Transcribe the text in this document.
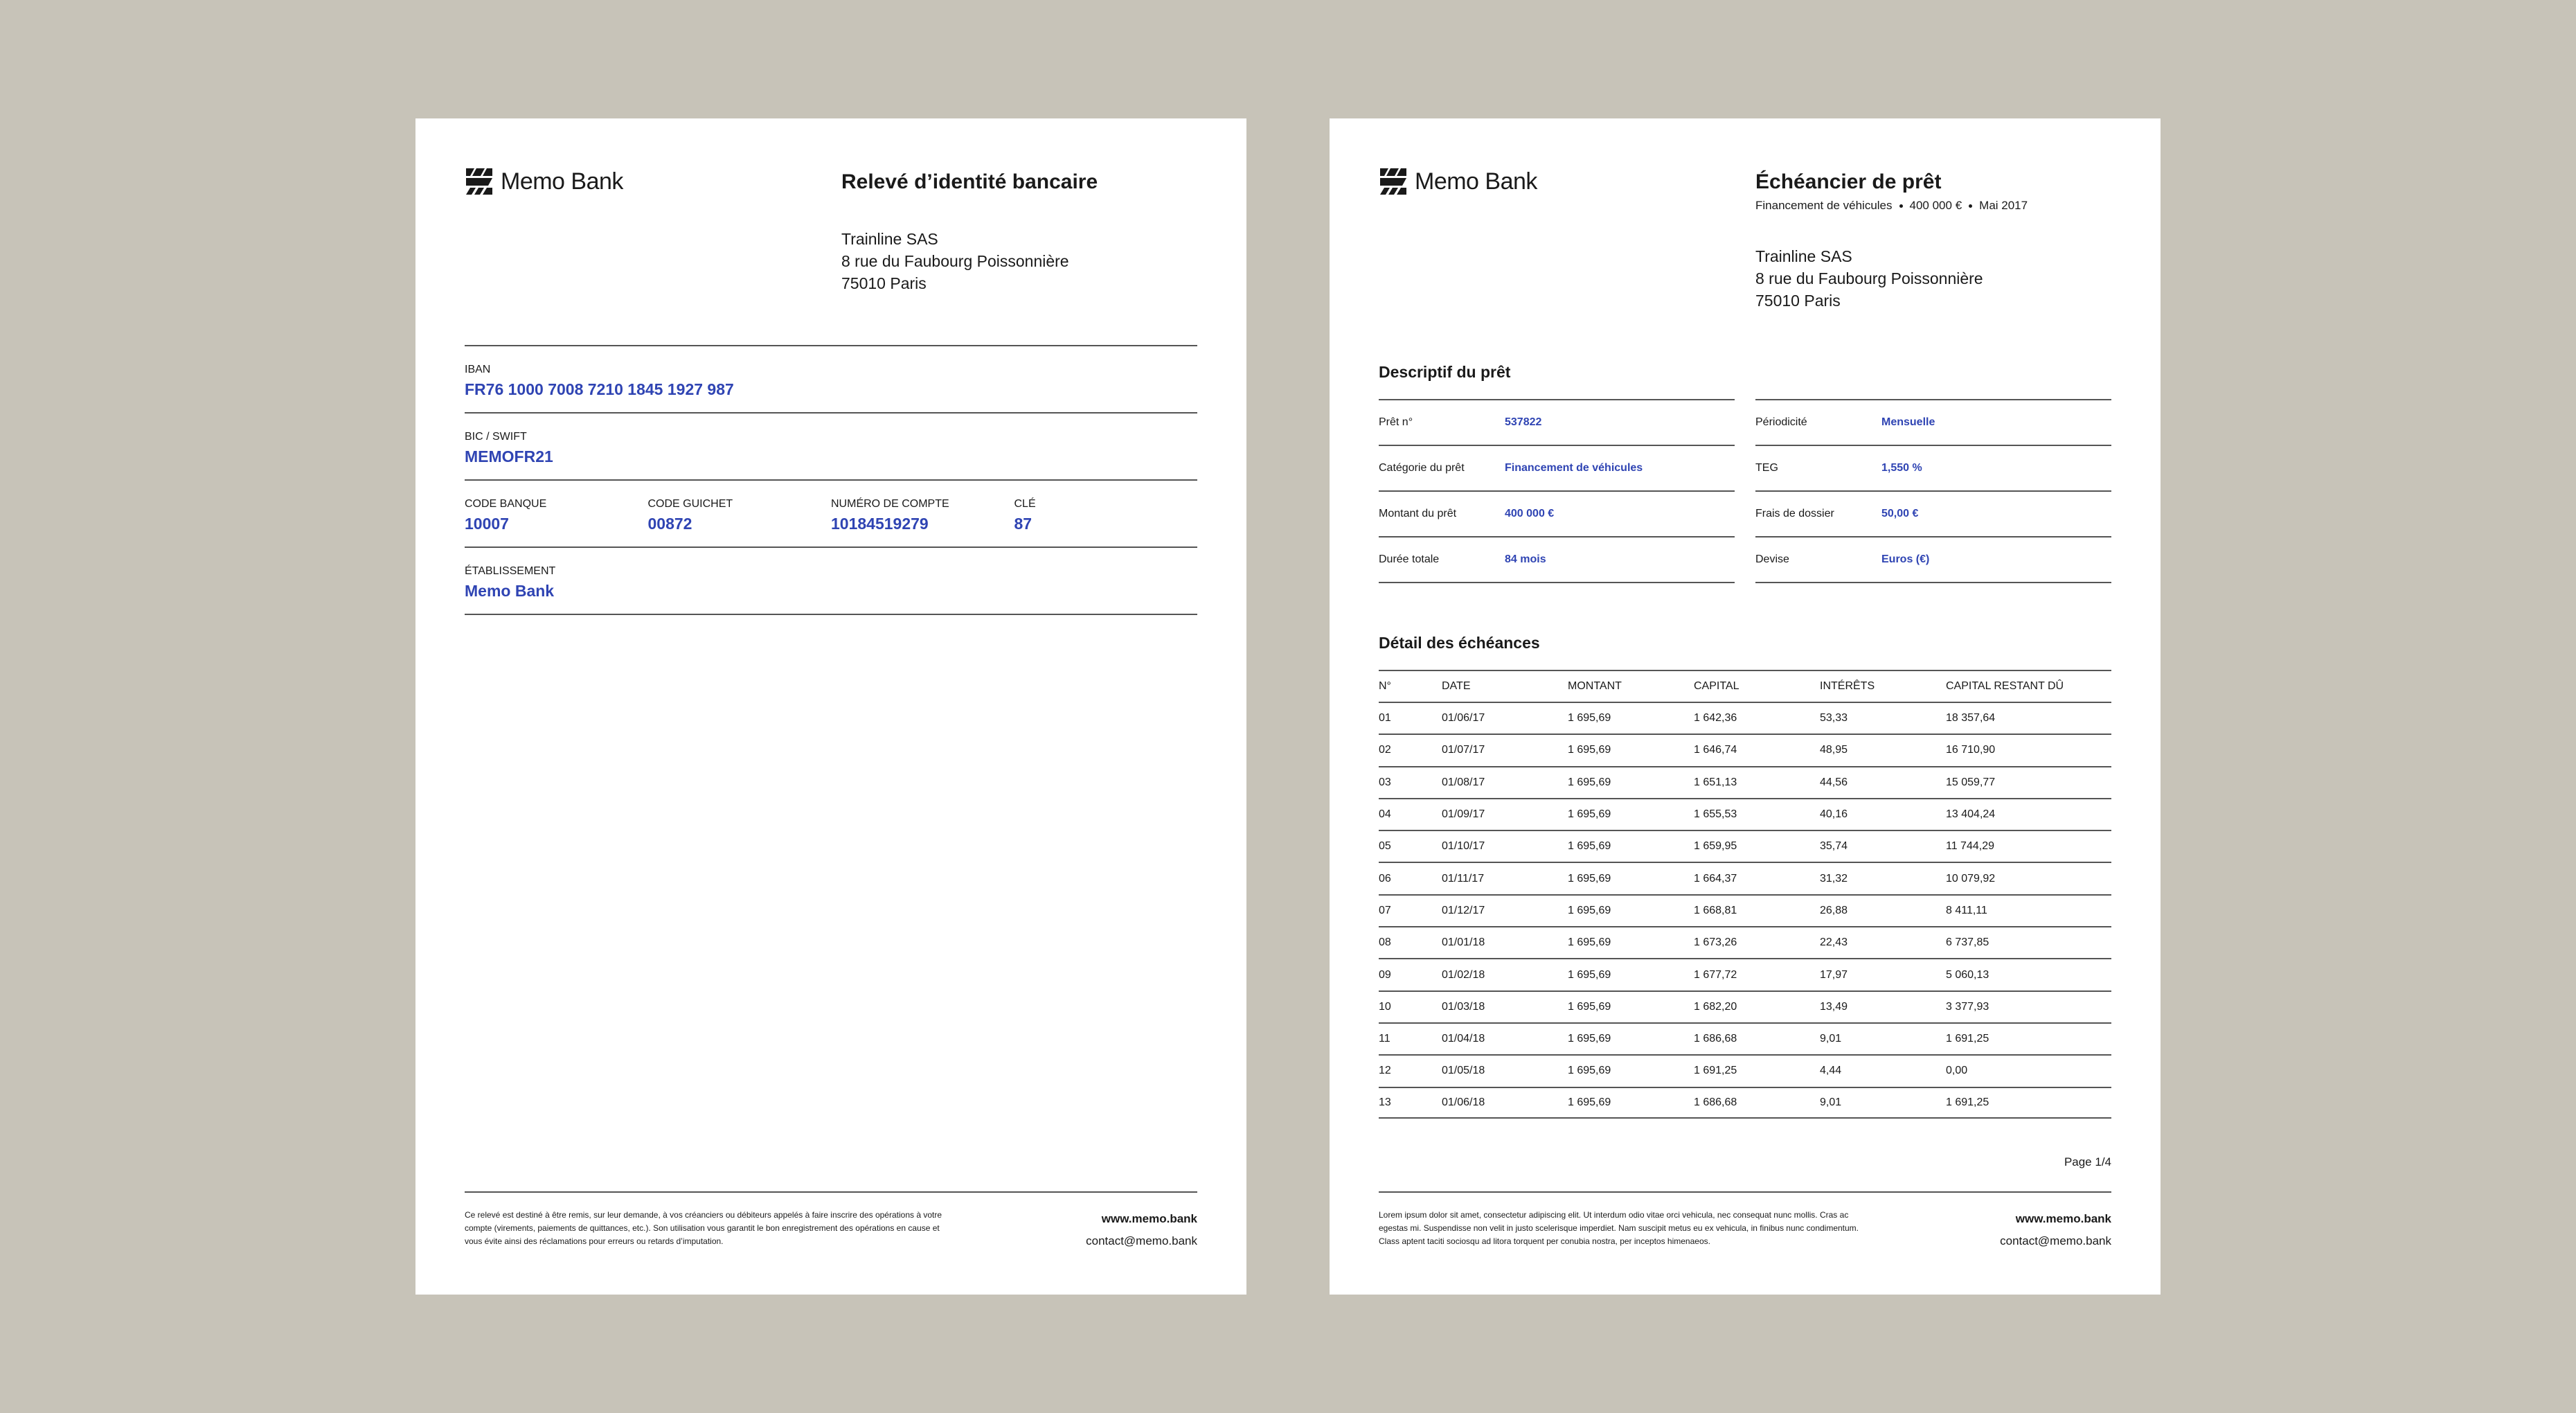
Memo Bank	Relevé d’identité bancaire
Trainline SAS
8 rue du Faubourg Poissonnière
75010 Paris
IBAN
FR76 1000 7008 7210 1845 1927 987
BIC / SWIFT
MEMOFR21
CODE BANQUE
10007
CODE GUICHET
00872
NUMÉRO DE COMPTE
10184519279
CLÉ
87
ÉTABLISSEMENT
Memo Bank
Ce relevé est destiné à être remis, sur leur demande, à vos créanciers ou débiteurs appelés à faire inscrire des opérations à votre compte (virements, paiements de quittances, etc.). Son utilisation vous garantit le bon enregistrement des opérations en cause et vous évite ainsi des réclamations pour erreurs ou retards d’imputation.
www.memo.bank
contact@memo.bank
Memo Bank	Échéancier de prêt
Financement de véhicules 400 000 € Mai 2017
Trainline SAS
8 rue du Faubourg Poissonnière
75010 Paris
Descriptif du prêt
Prêt n°	537822
Catégorie du prêt	Financement de véhicules
Montant du prêt	400 000 €
Durée totale	84 mois
Périodicité	Mensuelle
TEG	1,550 %
Frais de dossier	50,00 €
Devise	Euros (€)
Détail des échéances
N°	DATE	MONTANT	CAPITAL	INTÉRÊTS	CAPITAL RESTANT DÛ
01	01/06/17	1 695,69	1 642,36	53,33	18 357,64
02	01/07/17	1 695,69	1 646,74	48,95	16 710,90
03	01/08/17	1 695,69	1 651,13	44,56	15 059,77
04	01/09/17	1 695,69	1 655,53	40,16	13 404,24
05	01/10/17	1 695,69	1 659,95	35,74	11 744,29
06	01/11/17	1 695,69	1 664,37	31,32	10 079,92
07	01/12/17	1 695,69	1 668,81	26,88	8 411,11
08	01/01/18	1 695,69	1 673,26	22,43	6 737,85
09	01/02/18	1 695,69	1 677,72	17,97	5 060,13
10	01/03/18	1 695,69	1 682,20	13,49	3 377,93
11	01/04/18	1 695,69	1 686,68	9,01	1 691,25
12	01/05/18	1 695,69	1 691,25	4,44	0,00
13	01/06/18	1 695,69	1 686,68	9,01	1 691,25
Page 1/4
Lorem ipsum dolor sit amet, consectetur adipiscing elit. Ut interdum odio vitae orci vehicula, nec consequat nunc mollis. Cras ac egestas mi. Suspendisse non velit in justo scelerisque imperdiet. Nam suscipit metus eu ex vehicula, in finibus nunc condimentum. Class aptent taciti sociosqu ad litora torquent per conubia nostra, per inceptos himenaeos.
www.memo.bank
contact@memo.bank
